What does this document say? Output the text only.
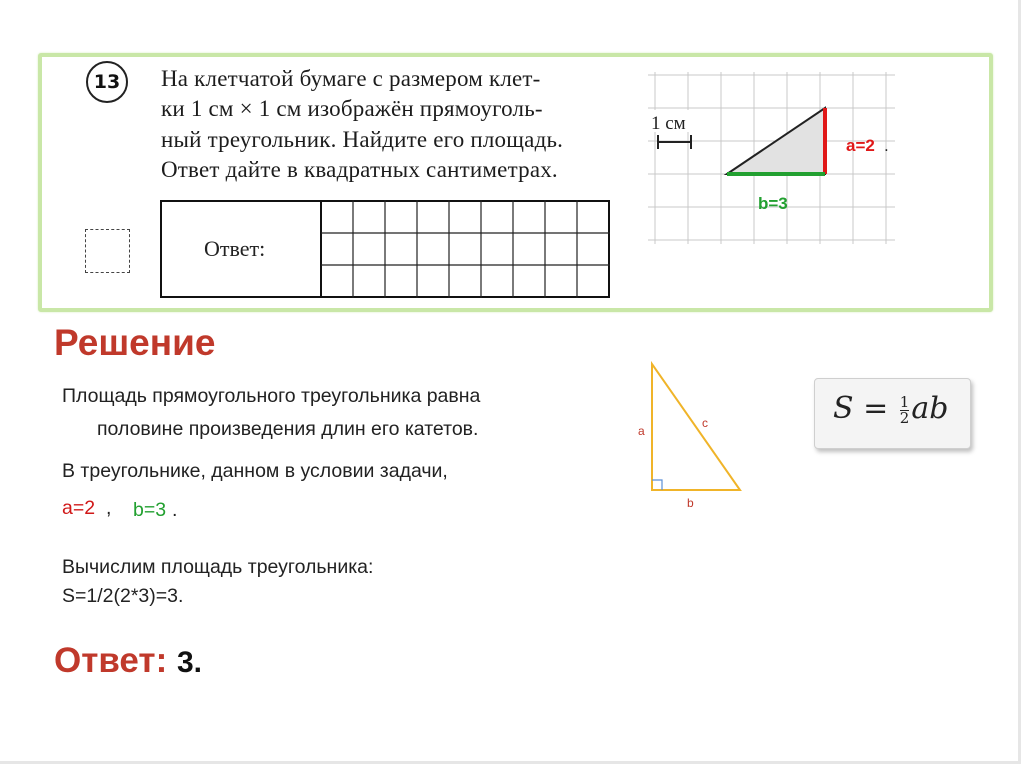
13	На клетчатой бумаге с размером клет-
ки 1 см × 1 см изображён прямоуголь-
ный треугольник. Найдите его площадь.
Ответ дайте в квадратных сантиметрах.
Ответ:
1 см
a=2 .
b=3
Решение
Площадь прямоугольного треугольника равна
половине произведения длин его катетов.
В треугольнике, данном в условии задачи,
a=2 , b=3 .
Вычислим площадь треугольника:
S=1/2(2*3)=3.
a
c
b
$S = \frac{1}{2}$ ab
Ответ: 3.
